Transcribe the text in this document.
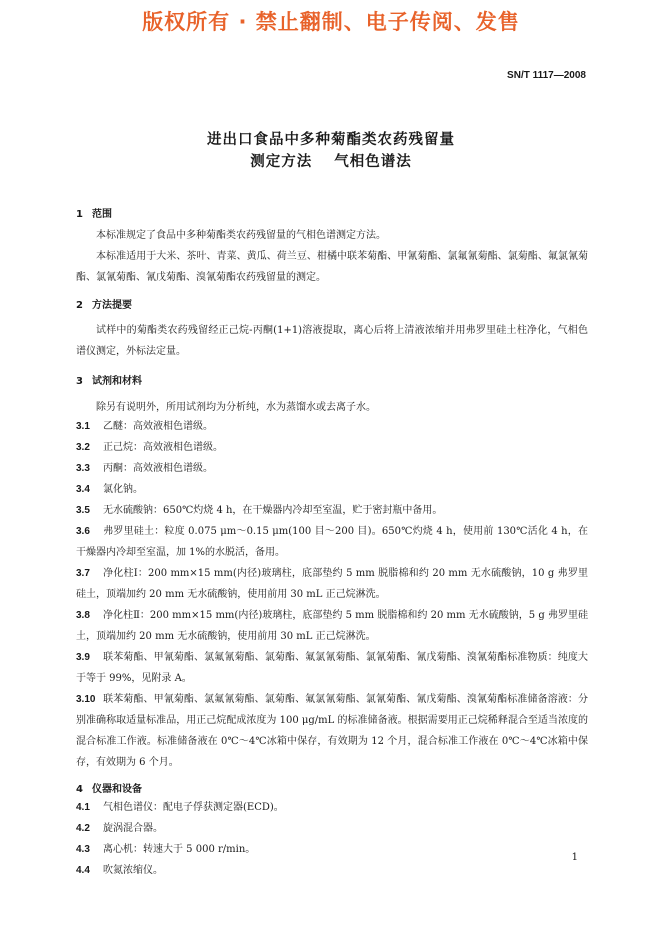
版权所有 · 禁止翻制、电子传阅、发售
SN/T 1117—2008
进出口食品中多种菊酯类农药残留量
测定方法 气相色谱法
1 范围
本标准规定了食品中多种菊酯类农药残留量的气相色谱测定方法。
本标准适用于大米、茶叶、青菜、黄瓜、荷兰豆、柑橘中联苯菊酯、甲氰菊酯、氯氟氰菊酯、氯菊酯、氟氯氰菊酯、氯氰菊酯、氰戊菊酯、溴氰菊酯农药残留量的测定。
2 方法提要
试样中的菊酯类农药残留经正己烷-丙酮(1+1)溶液提取，离心后将上清液浓缩并用弗罗里硅土柱净化，气相色谱仪测定，外标法定量。
3 试剂和材料
除另有说明外，所用试剂均为分析纯，水为蒸馏水或去离子水。
3.1 乙醚：高效液相色谱级。
3.2 正己烷：高效液相色谱级。
3.3 丙酮：高效液相色谱级。
3.4 氯化钠。
3.5 无水硫酸钠：650℃灼烧 4 h，在干燥器内冷却至室温，贮于密封瓶中备用。
3.6 弗罗里硅土：粒度 0.075 μm～0.15 μm(100 目～200 目)。650℃灼烧 4 h，使用前 130℃活化 4 h，在干燥器内冷却至室温，加 1%的水脱活，备用。
3.7 净化柱Ⅰ：200 mm×15 mm(内径)玻璃柱，底部垫约 5 mm 脱脂棉和约 20 mm 无水硫酸钠，10 g 弗罗里硅土，顶端加约 20 mm 无水硫酸钠，使用前用 30 mL 正己烷淋洗。
3.8 净化柱Ⅱ：200 mm×15 mm(内径)玻璃柱，底部垫约 5 mm 脱脂棉和约 20 mm 无水硫酸钠，5 g 弗罗里硅土，顶端加约 20 mm 无水硫酸钠，使用前用 30 mL 正己烷淋洗。
3.9 联苯菊酯、甲氰菊酯、氯氟氰菊酯、氯菊酯、氟氯氰菊酯、氯氰菊酯、氰戊菊酯、溴氰菊酯标准物质：纯度大于等于 99%，见附录 A。
3.10 联苯菊酯、甲氰菊酯、氯氟氰菊酯、氯菊酯、氟氯氰菊酯、氯氰菊酯、氰戊菊酯、溴氰菊酯标准储备溶液：分别准确称取适量标准品，用正己烷配成浓度为 100 μg/mL 的标准储备液。根据需要用正己烷稀释混合至适当浓度的混合标准工作液。标准储备液在 0℃～4℃冰箱中保存，有效期为 12 个月，混合标准工作液在 0℃～4℃冰箱中保存，有效期为 6 个月。
4 仪器和设备
4.1 气相色谱仪：配电子俘获测定器(ECD)。
4.2 旋涡混合器。
4.3 离心机：转速大于 5 000 r/min。
4.4 吹氮浓缩仪。
1
